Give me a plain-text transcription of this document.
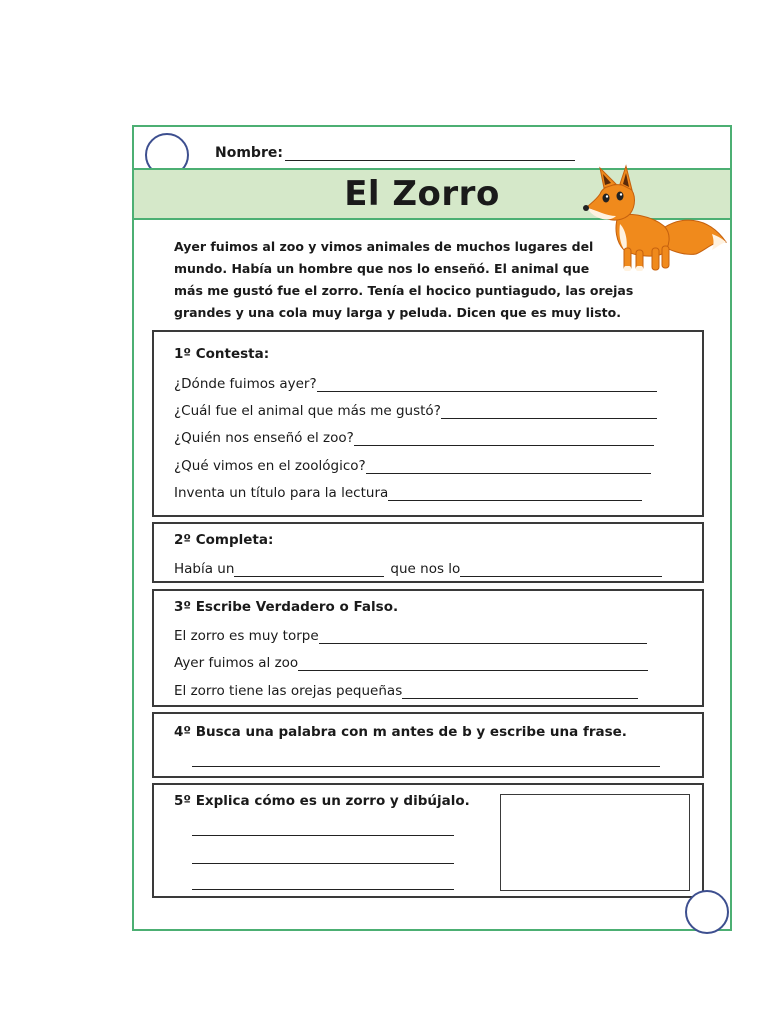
Nombre:
El Zorro

Ayer fuimos al zoo y vimos animales de muchos lugares del

mundo. Había un hombre que nos lo enseñó. El animal que

más me gustó fue el zorro. Tenía el hocico puntiagudo, las orejas

grandes y una cola muy larga y peluda. Dicen que es muy listo.

1º Contesta:
¿Dónde fuimos ayer?
¿Cuál fue el animal que más me gustó?
¿Quién nos enseñó el zoo?
¿Qué vimos en el zoológico?
Inventa un título para la lectura
2º Completa:
Había un	que nos lo
3º Escribe Verdadero o Falso.
El zorro es muy torpe
Ayer fuimos al zoo
El zorro tiene las orejas pequeñas
4º Busca una palabra con m antes de b y escribe una frase.
5º Explica cómo es un zorro y dibújalo.
